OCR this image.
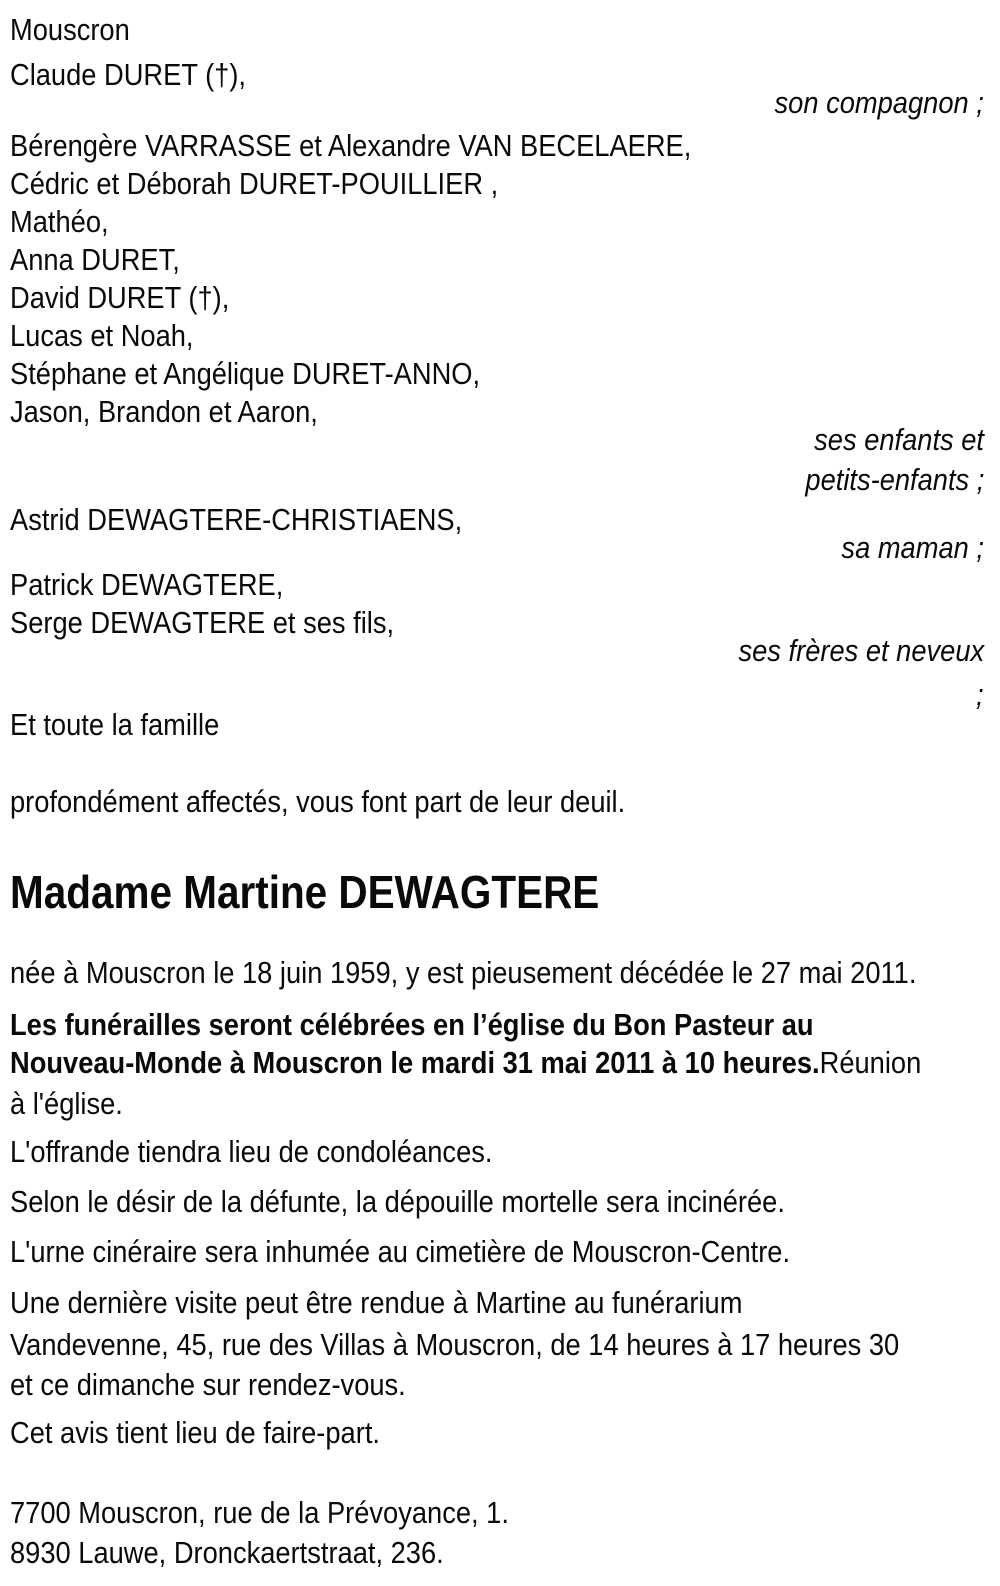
Mouscron
Claude DURET (†),
son compagnon ;
Bérengère VARRASSE et Alexandre VAN BECELAERE,
Cédric et Déborah DURET-POUILLIER ,
Mathéo,
Anna DURET,
David DURET (†),
Lucas et Noah,
Stéphane et Angélique DURET-ANNO,
Jason, Brandon et Aaron,
ses enfants et
petits-enfants ;
Astrid DEWAGTERE-CHRISTIAENS,
sa maman ;
Patrick DEWAGTERE,
Serge DEWAGTERE et ses fils,
ses frères et neveux
;
Et toute la famille
profondément affectés, vous font part de leur deuil.
Madame Martine DEWAGTERE
née à Mouscron le 18 juin 1959, y est pieusement décédée le 27 mai 2011.
Les funérailles seront célébrées en l’église du Bon Pasteur au
Nouveau-Monde à Mouscron le mardi 31 mai 2011 à 10 heures.Réunion
à l'église.
L'offrande tiendra lieu de condoléances.
Selon le désir de la défunte, la dépouille mortelle sera incinérée.
L'urne cinéraire sera inhumée au cimetière de Mouscron-Centre.
Une dernière visite peut être rendue à Martine au funérarium
Vandevenne, 45, rue des Villas à Mouscron, de 14 heures à 17 heures 30
et ce dimanche sur rendez-vous.
Cet avis tient lieu de faire-part.
7700 Mouscron, rue de la Prévoyance, 1.
8930 Lauwe, Dronckaertstraat, 236.
